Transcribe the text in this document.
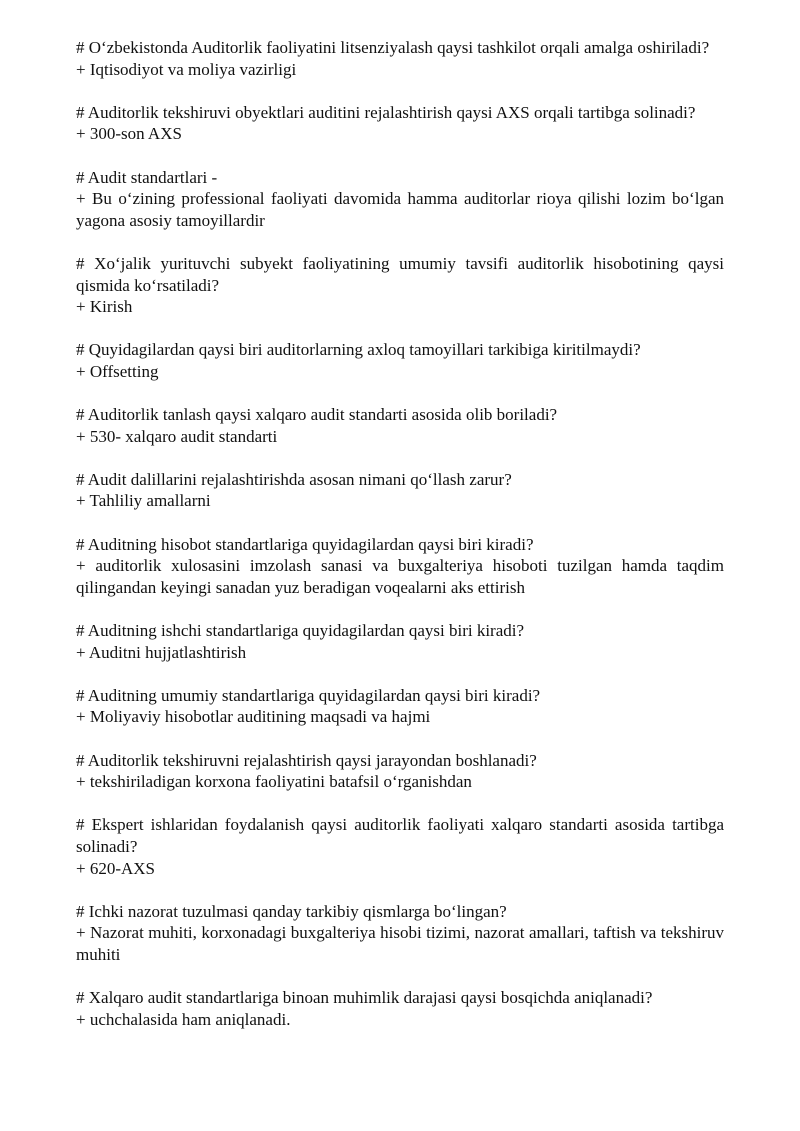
# O‘zbekistonda Auditorlik faoliyatini litsenziyalash qaysi tashkilot orqali amalga oshiriladi?

+ Iqtisodiyot va moliya vazirligi

# Auditorlik tekshiruvi obyektlari auditini rejalashtirish qaysi AXS orqali tartibga solinadi?

+ 300-son AXS

# Audit standartlari -

+ Bu o‘zining professional faoliyati davomida hamma auditorlar rioya qilishi lozim bo‘lgan yagona asosiy tamoyillardir

# Xo‘jalik yurituvchi subyekt faoliyatining umumiy tavsifi auditorlik hisobotining qaysi qismida ko‘rsatiladi?

+ Kirish

# Quyidagilardan qaysi biri auditorlarning axloq tamoyillari tarkibiga kiritilmaydi?

+ Offsetting

# Auditorlik tanlash qaysi xalqaro audit standarti asosida olib boriladi?

+ 530- xalqaro audit standarti

# Audit dalillarini rejalashtirishda asosan nimani qo‘llash zarur?

+ Tahliliy amallarni

# Auditning hisobot standartlariga quyidagilardan qaysi biri kiradi?

+ auditorlik xulosasini imzolash sanasi va buxgalteriya hisoboti tuzilgan hamda taqdim qilingandan keyingi sanadan yuz beradigan voqealarni aks ettirish

# Auditning ishchi standartlariga quyidagilardan qaysi biri kiradi?

+ Auditni hujjatlashtirish

# Auditning umumiy standartlariga quyidagilardan qaysi biri kiradi?

+ Moliyaviy hisobotlar auditining maqsadi va hajmi

# Auditorlik tekshiruvni rejalashtirish qaysi jarayondan boshlanadi?

+ tekshiriladigan korxona faoliyatini batafsil o‘rganishdan

# Ekspert ishlaridan foydalanish qaysi auditorlik faoliyati xalqaro standarti asosida tartibga solinadi?

+ 620-AXS

# Ichki nazorat tuzulmasi qanday tarkibiy qismlarga bo‘lingan?

+ Nazorat muhiti, korxonadagi buxgalteriya hisobi tizimi, nazorat amallari, taftish va tekshiruv muhiti

# Xalqaro audit standartlariga binoan muhimlik darajasi qaysi bosqichda aniqlanadi?

+ uchchalasida ham aniqlanadi.
